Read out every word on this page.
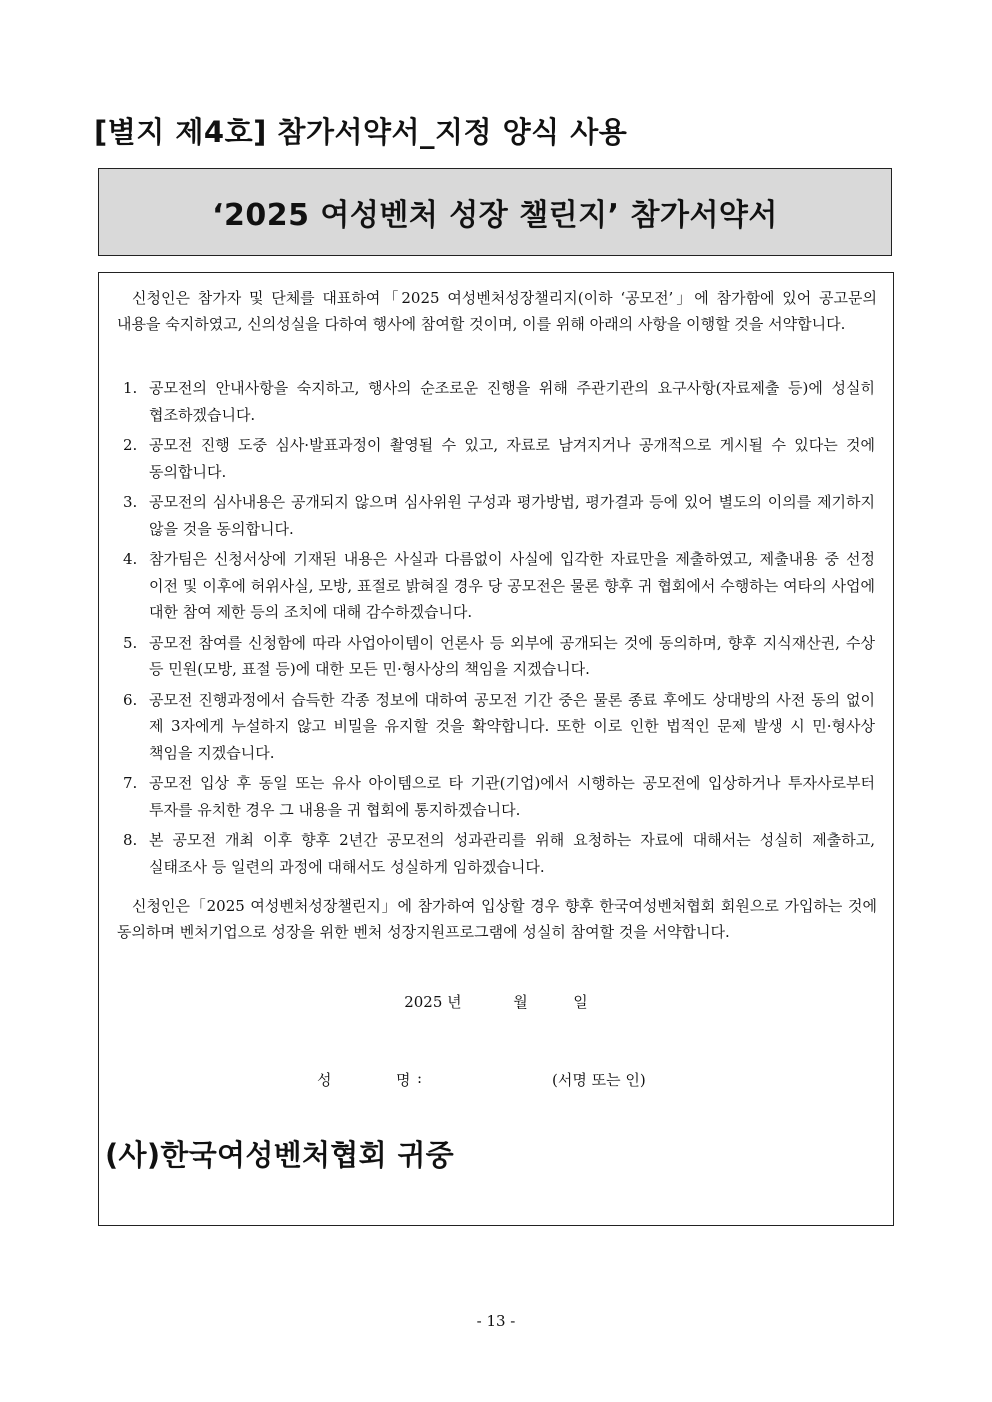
[별지 제4호] 참가서약서_지정 양식 사용
‘2025 여성벤처 성장 챌린지’ 참가서약서

신청인은 참가자 및 단체를 대표하여「2025 여성벤처성장챌리지(이하 ‘공모전’」에 참가함에 있어 공고문의 내용을 숙지하였고, 신의성실을 다하여 행사에 참여할 것이며, 이를 위해 아래의 사항을 이행할 것을 서약합니다.

1. 공모전의 안내사항을 숙지하고, 행사의 순조로운 진행을 위해 주관기관의 요구사항(자료제출 등)에 성실히 협조하겠습니다.
2. 공모전 진행 도중 심사·발표과정이 촬영될 수 있고, 자료로 남겨지거나 공개적으로 게시될 수 있다는 것에 동의합니다.
3. 공모전의 심사내용은 공개되지 않으며 심사위원 구성과 평가방법, 평가결과 등에 있어 별도의 이의를 제기하지 않을 것을 동의합니다.
4. 참가팀은 신청서상에 기재된 내용은 사실과 다름없이 사실에 입각한 자료만을 제출하였고, 제출내용 중 선정 이전 및 이후에 허위사실, 모방, 표절로 밝혀질 경우 당 공모전은 물론 향후 귀 협회에서 수행하는 여타의 사업에 대한 참여 제한 등의 조치에 대해 감수하겠습니다.
5. 공모전 참여를 신청함에 따라 사업아이템이 언론사 등 외부에 공개되는 것에 동의하며, 향후 지식재산권, 수상 등 민원(모방, 표절 등)에 대한 모든 민·형사상의 책임을 지겠습니다.
6. 공모전 진행과정에서 습득한 각종 정보에 대하여 공모전 기간 중은 물론 종료 후에도 상대방의 사전 동의 없이 제 3자에게 누설하지 않고 비밀을 유지할 것을 확약합니다. 또한 이로 인한 법적인 문제 발생 시 민·형사상 책임을 지겠습니다.
7. 공모전 입상 후 동일 또는 유사 아이템으로 타 기관(기업)에서 시행하는 공모전에 입상하거나 투자사로부터 투자를 유치한 경우 그 내용을 귀 협회에 통지하겠습니다.
8. 본 공모전 개최 이후 향후 2년간 공모전의 성과관리를 위해 요청하는 자료에 대해서는 성실히 제출하고, 실태조사 등 일련의 과정에 대해서도 성실하게 임하겠습니다.

신청인은「2025 여성벤처성장챌린지」에 참가하여 입상할 경우 향후 한국여성벤처협회 회원으로 가입하는 것에 동의하며 벤처기업으로 성장을 위한 벤처 성장지원프로그램에 성실히 참여할 것을 서약합니다.

2025 년	월	일
성	명 :	(서명 또는 인)
(사)한국여성벤처협회 귀중
- 13 -
